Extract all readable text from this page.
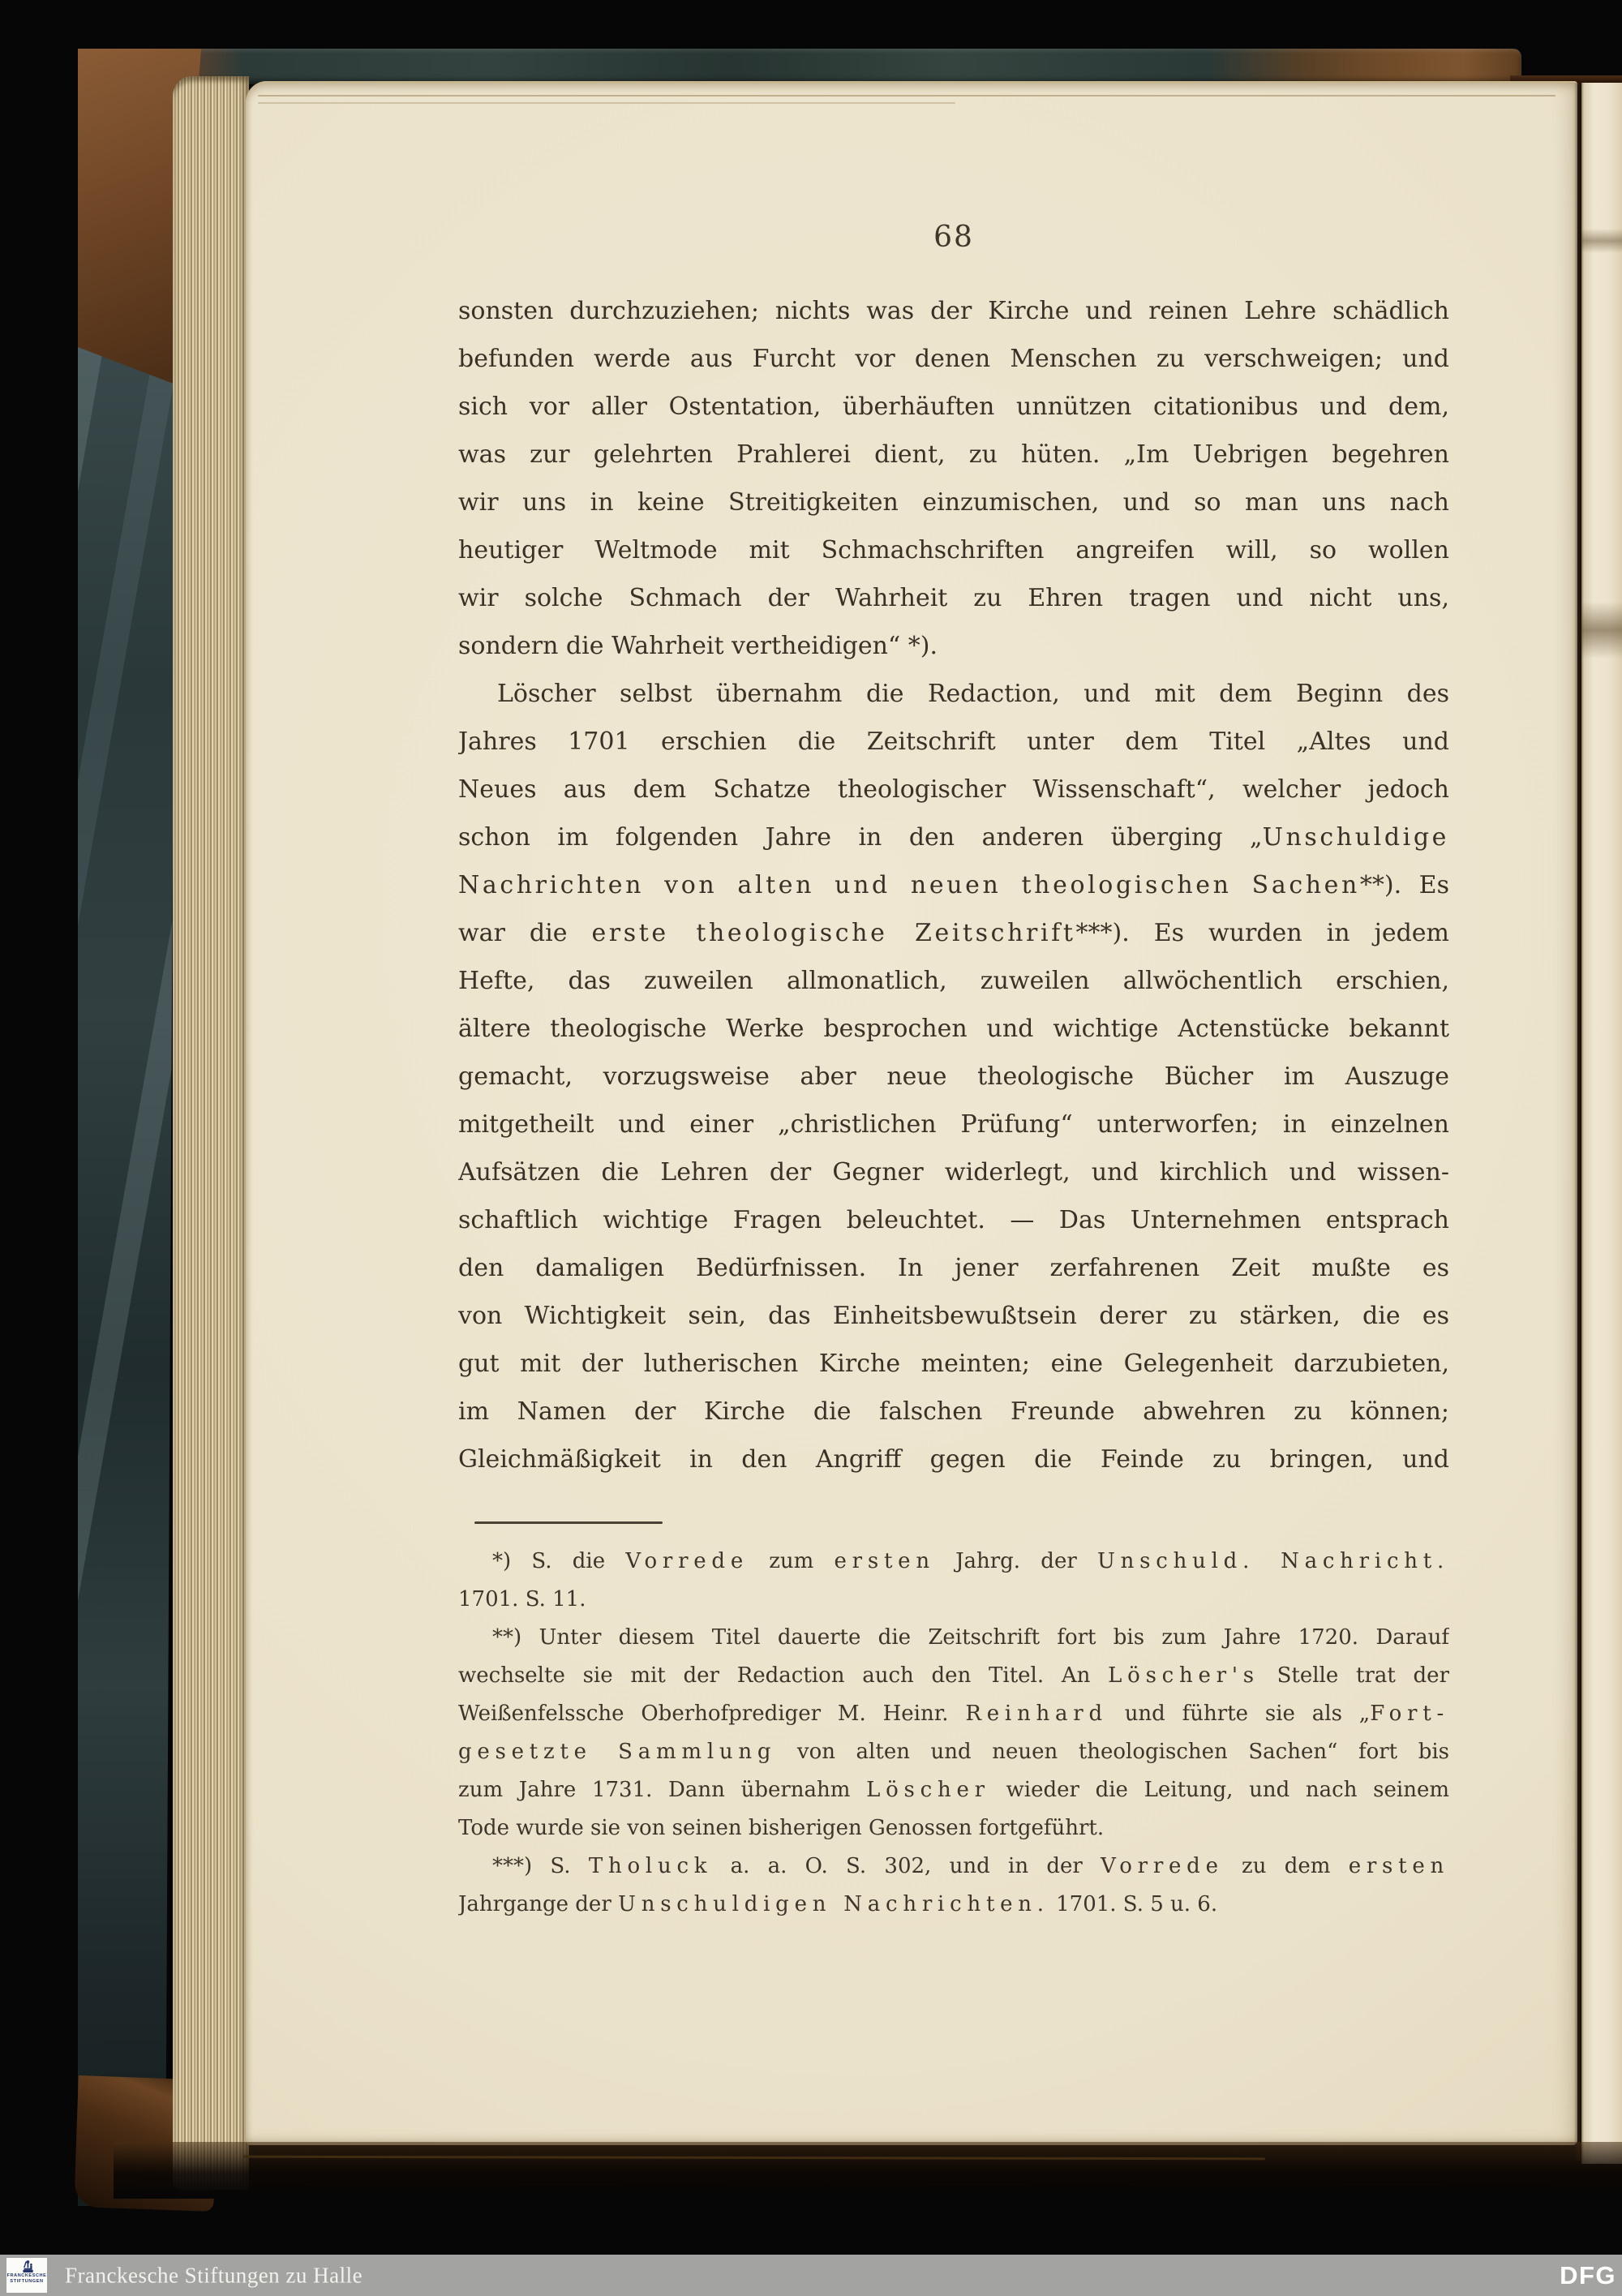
68
sonsten durchzuziehen; nichts was der Kirche und reinen Lehre schädlich
befunden werde aus Furcht vor denen Menschen zu verschweigen; und
sich vor aller Ostentation, überhäuften unnützen citationibus und dem,
was zur gelehrten Prahlerei dient, zu hüten. „Im Uebrigen begehren
wir uns in keine Streitigkeiten einzumischen, und so man uns nach
heutiger Weltmode mit Schmachschriften angreifen will, so wollen
wir solche Schmach der Wahrheit zu Ehren tragen und nicht uns,
sondern die Wahrheit vertheidigen“ *).
Löscher selbst übernahm die Redaction, und mit dem Beginn des
Jahres 1701 erschien die Zeitschrift unter dem Titel „Altes und
Neues aus dem Schatze theologischer Wissenschaft“, welcher jedoch
schon im folgenden Jahre in den anderen überging „Unschuldige
Nachrichten von alten und neuen theologischen Sachen**). Es
war die erste theologische Zeitschrift***). Es wurden in jedem
Hefte, das zuweilen allmonatlich, zuweilen allwöchentlich erschien,
ältere theologische Werke besprochen und wichtige Actenstücke bekannt
gemacht, vorzugsweise aber neue theologische Bücher im Auszuge
mitgetheilt und einer „christlichen Prüfung“ unterworfen; in einzelnen
Aufsätzen die Lehren der Gegner widerlegt, und kirchlich und wissen-
schaftlich wichtige Fragen beleuchtet. — Das Unternehmen entsprach
den damaligen Bedürfnissen. In jener zerfahrenen Zeit mußte es
von Wichtigkeit sein, das Einheitsbewußtsein derer zu stärken, die es
gut mit der lutherischen Kirche meinten; eine Gelegenheit darzubieten,
im Namen der Kirche die falschen Freunde abwehren zu können;
Gleichmäßigkeit in den Angriff gegen die Feinde zu bringen, und
*) S. die Vorrede zum ersten Jahrg. der Unschuld. Nachricht.
1701. S. 11.
**) Unter diesem Titel dauerte die Zeitschrift fort bis zum Jahre 1720. Darauf
wechselte sie mit der Redaction auch den Titel. An Löscher's Stelle trat der
Weißenfelssche Oberhofprediger M. Heinr. Reinhard und führte sie als „Fort-
gesetzte Sammlung von alten und neuen theologischen Sachen“ fort bis
zum Jahre 1731. Dann übernahm Löscher wieder die Leitung, und nach seinem
Tode wurde sie von seinen bisherigen Genossen fortgeführt.
***) S. Tholuck a. a. O. S. 302, und in der Vorrede zu dem ersten
Jahrgange der Unschuldigen Nachrichten. 1701. S. 5 u. 6.
FRANCKESCHE
STIFTUNGEN Franckesche Stiftungen zu Halle	DFG
